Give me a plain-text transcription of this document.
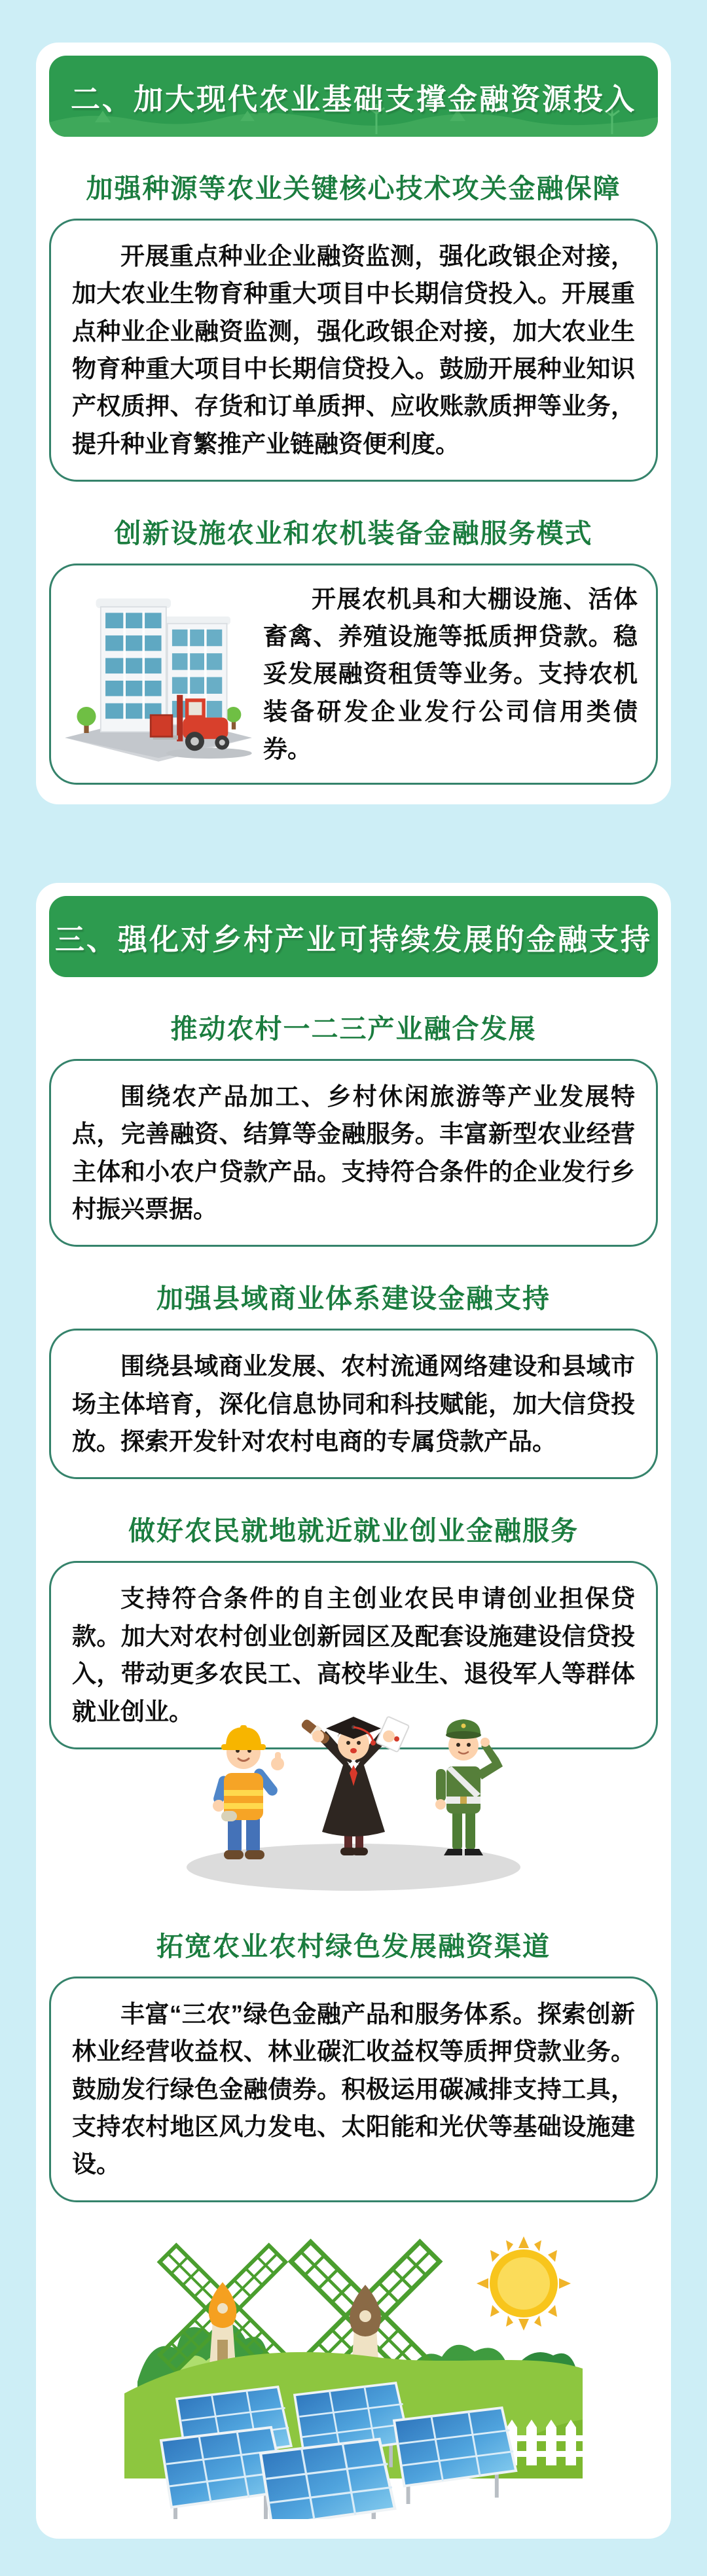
二、加大现代农业基础支撑金融资源投入
加强种源等农业关键核心技术攻关金融保障

开展重点种业企业融资监测，强化政银企对接，加大农业生物育种重大项目中长期信贷投入。开展重点种业企业融资监测，强化政银企对接，加大农业生物育种重大项目中长期信贷投入。鼓励开展种业知识产权质押、存货和订单质押、应收账款质押等业务，提升种业育繁推产业链融资便利度。

创新设施农业和农机装备金融服务模式

开展农机具和大棚设施、活体畜禽、养殖设施等抵质押贷款。稳妥发展融资租赁等业务。支持农机装备研发企业发行公司信用类债券。

三、强化对乡村产业可持续发展的金融支持
推动农村一二三产业融合发展

围绕农产品加工、乡村休闲旅游等产业发展特点，完善融资、结算等金融服务。丰富新型农业经营主体和小农户贷款产品。支持符合条件的企业发行乡村振兴票据。

加强县域商业体系建设金融支持

围绕县域商业发展、农村流通网络建设和县域市场主体培育，深化信息协同和科技赋能，加大信贷投放。探索开发针对农村电商的专属贷款产品。

做好农民就地就近就业创业金融服务

支持符合条件的自主创业农民申请创业担保贷款。加大对农村创业创新园区及配套设施建设信贷投入，带动更多农民工、高校毕业生、退役军人等群体就业创业。

拓宽农业农村绿色发展融资渠道

丰富“三农”绿色金融产品和服务体系。探索创新林业经营收益权、林业碳汇收益权等质押贷款业务。鼓励发行绿色金融债券。积极运用碳减排支持工具，支持农村地区风力发电、太阳能和光伏等基础设施建设。
